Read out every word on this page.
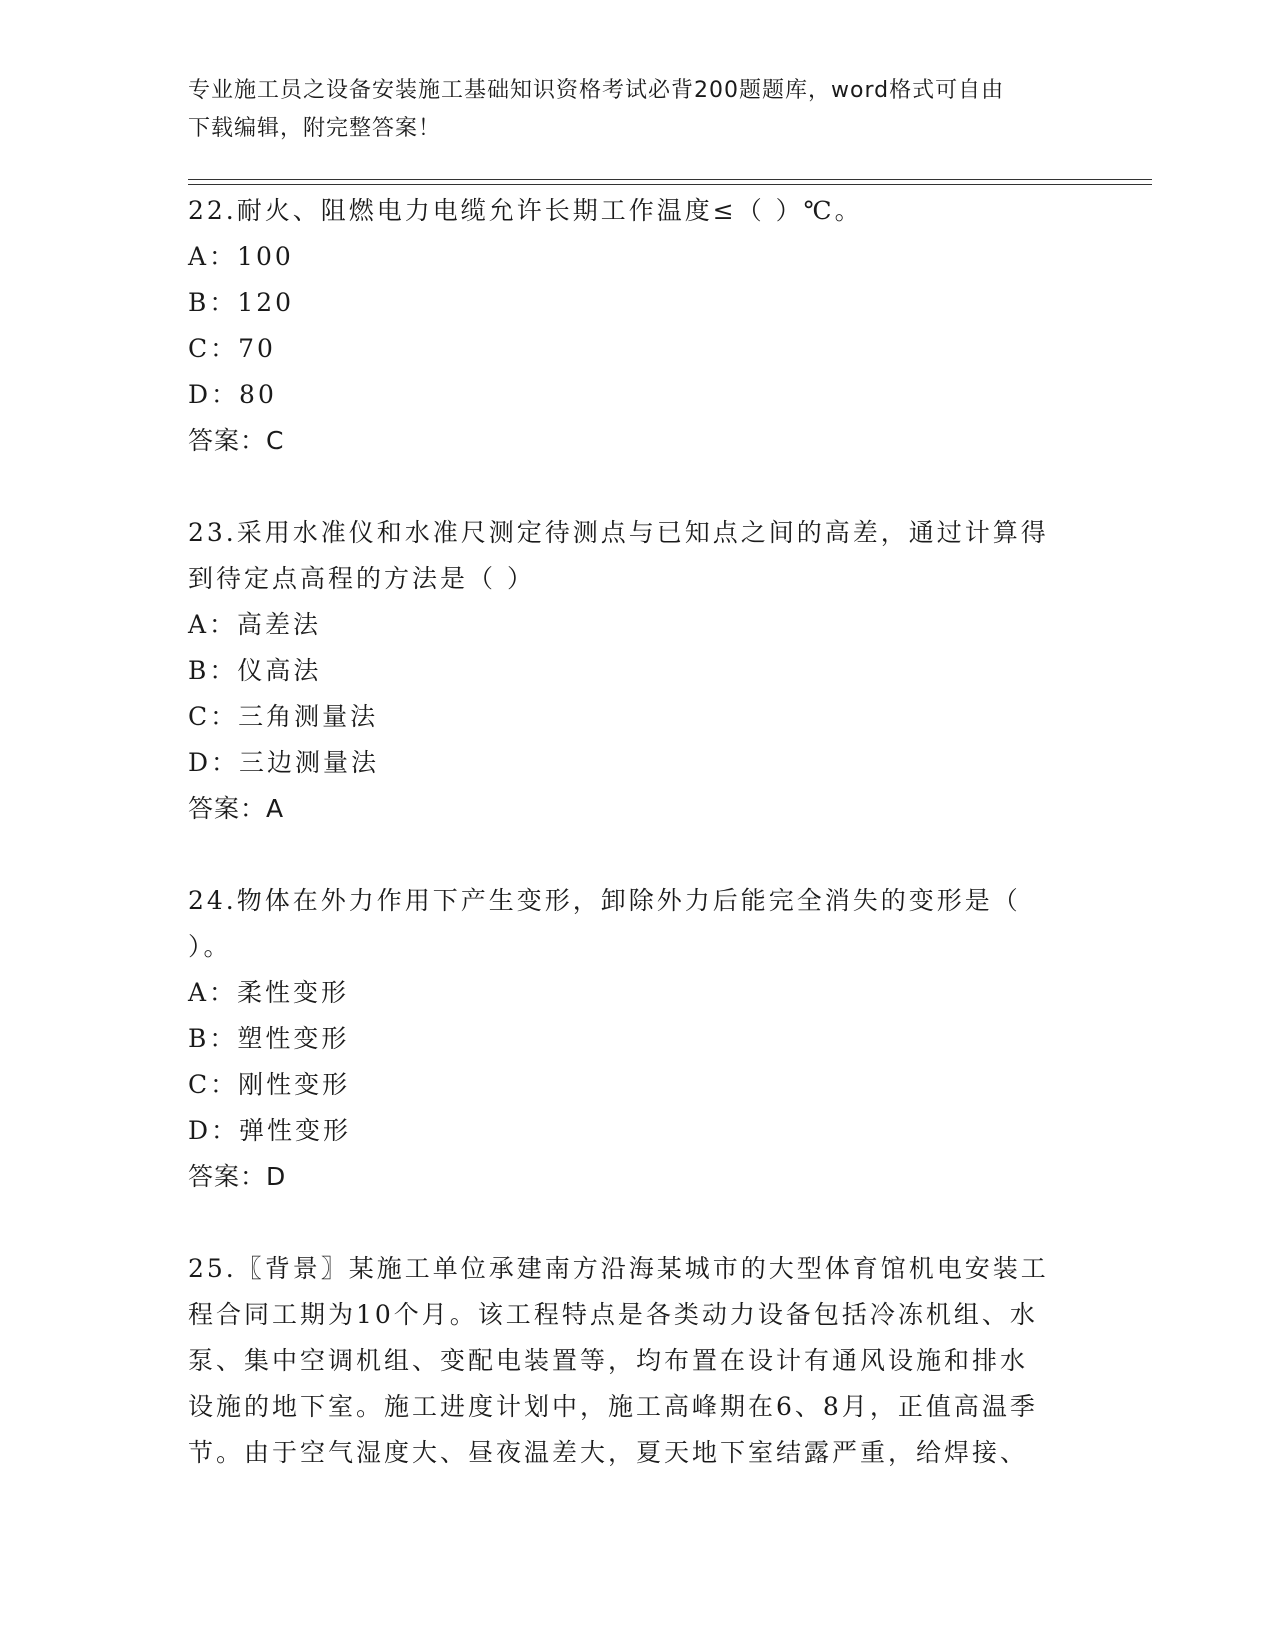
专业施工员之设备安装施工基础知识资格考试必背200题题库，word格式可自由
下载编辑，附完整答案！
22.耐火、阻燃电力电缆允许长期工作温度≤（ ）℃。
A：100
B：120
C：70
D：80
答案：C
23.采用水准仪和水准尺测定待测点与已知点之间的高差，通过计算得
到待定点高程的方法是（ ）
A：高差法
B：仪高法
C：三角测量法
D：三边测量法
答案：A
24.物体在外力作用下产生变形，卸除外力后能完全消失的变形是（
）。
A：柔性变形
B：塑性变形
C：刚性变形
D：弹性变形
答案：D
25.〖背景〗某施工单位承建南方沿海某城市的大型体育馆机电安装工
程合同工期为10个月。该工程特点是各类动力设备包括冷冻机组、水
泵、集中空调机组、变配电装置等，均布置在设计有通风设施和排水
设施的地下室。施工进度计划中，施工高峰期在6、8月，正值高温季
节。由于空气湿度大、昼夜温差大，夏天地下室结露严重，给焊接、
